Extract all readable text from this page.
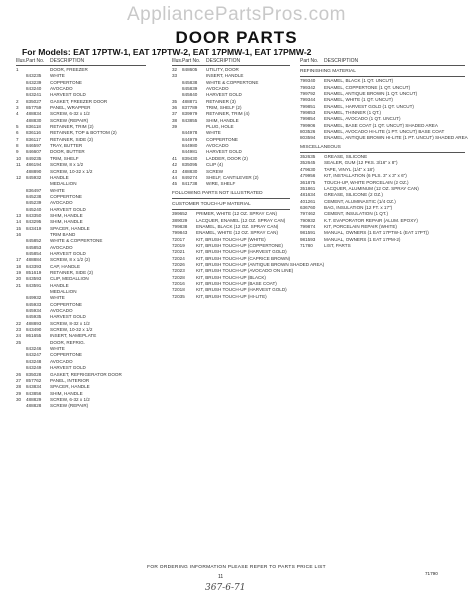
AppliancePartsPros.com
DOOR PARTS
For Models: EAT 17PTW-1, EAT 17PTW-2, EAT 17PMW-1, EAT 17PMW-2
Illus. Part No.	DESCRIPTION
1	DOOR, FREEZER
843235	WHITE
843239	COPPERTONE
843240	AVOCADO
843241	HARVEST GOLD
2	835027	GASKET, FREEZER DOOR
3	857759	PANEL, WRAPPER
4	488834	SCREW, 6-32 x 1/2
488830	SCREW (REPAIR)
5	836118	RETAINER, TRIM (2)
6	836116	RETAINER, TOP & BOTTOM (2)
7	836117	RETAINER, SIDE (2)
8	846597	TRAY, BUTTER
9	846607	DOOR, BUTTER
10	849235	TRIM, SHELF
11	486194	SCREW, 8 x 1/2
488890	SCREW, 10-32 x 1/2
12	845932	HANDLE
MEDALLION
836497	WHITE
845238	COPPERTONE
845239	AVOCADO
845240	HARVEST GOLD
13	843350	SHIM, HANDLE
14	843295	SHIM, HANDLE
15	843419	SPACER, HANDLE
16	TRIM BAND
845852	WHITE & COPPERTONE
845853	AVOCADO
845854	HARVEST GOLD
17	488884	SCREW, 8 x 1/2 (2)
18	843393	CAP, HANDLE
19	851619	RETAINER, SIDE (2)
20	843593	CLIP, MEDALLION
21	843591	HANDLE
MEDALLION
849932	WHITE
845933	COPPERTONE
845934	AVOCADO
845935	HARVEST GOLD
22	488893	SCREW, 8-32 x 1/2
23	843490	SCREW, 10-32 x 1/2
24	861655	INSERT, NAMEPLATE
25	DOOR, REFRIG.
843246	WHITE
843247	COPPERTONE
843248	AVOCADO
843249	HARVEST GOLD
26	835028	GASKET, REFRIGERATOR DOOR
27	857762	PANEL, INTERIOR
28	843834	SPACER, HANDLE
29	843856	SHIM, HANDLE
30	488829	SCREW, 6-32 x 1/2
488828	SCREW (REPAIR)
Illus. Part No.	DESCRIPTION
32	848605	UTILITY, DOOR
33	INSERT, HANDLE
845838	WHITE & COPPERTONE
845839	AVOCADO
845840	HARVEST GOLD
35	488871	RETAINER (3)
36	837789	TRIM, SHELF (2)
37	839979	RETAINER, TRIM (4)
38	843855	SHIM, HANDLE
39	PLUG, HOLE
844978	WHITE
844979	COPPERTONE
844980	AVOCADO
844981	HARVEST GOLD
41	839430	LADDER, DOOR (2)
42	835095	CLIP (4)
43	488830	SCREW
44	849274	SHELF, CANTILEVER (2)
45	841738	WIRE, SHELF
FOLLOWING PARTS NOT ILLUSTRATED
CUSTOMER TOUCH-UP MATERIAL
399652	PRIMER, WHITE (12 OZ. SPRAY CAN)
389029	LACQUER, ENAMEL (12 OZ. SPRAY CAN)
799838	ENAMEL, BLACK (12 OZ. SPRAY CAN)
799843	ENAMEL, WHITE (12 OZ. SPRAY CAN)
72017	KIT, BRUSH TOUCH-UP (WHITE)
72019	KIT, BRUSH TOUCH-UP (COPPERTONE)
72021	KIT, BRUSH TOUCH-UP (HARVEST GOLD)
72024	KIT, BRUSH TOUCH-UP (CAPRICE BROWN)
72026	KIT, BRUSH TOUCH-UP (ANTIQUE BROWN SHADED AREA)
72023	KIT, BRUSH TOUCH-UP (AVOCADO ON LINE)
72028	KIT, BRUSH TOUCH-UP (BLACK)
72016	KIT, BRUSH TOUCH-UP (BASE COAT)
72018	KIT, BRUSH TOUCH-UP (HARVEST GOLD)
72035	KIT, BRUSH TOUCH-UP (HI-LITE)
Part No.	DESCRIPTION
REFINISHING MATERIAL
799340	ENAMEL, BLACK (1 QT. UNCUT)
799342	ENAMEL, COPPERTONE (1 QT. UNCUT)
799792	ENAMEL, ANTIQUE BROWN (1 QT. UNCUT)
799344	ENAMEL, WHITE (1 QT. UNCUT)
799851	ENAMEL, HARVEST GOLD (1 QT. UNCUT)
799853	ENAMEL, THINNER (1 QT.)
799854	ENAMEL, AVOCADO (1 QT. UNCUT)
799906	ENAMEL, BASE COAT (1 QT. UNCUT) SHADED AREA
803526	ENAMEL, AVOCADO HI-LITE (1 PT. UNCUT) BASE COAT
803594	ENAMEL, ANTIQUE BROWN HI-LITE (1 PT. UNCUT) SHADED AREA
MISCELLANEOUS
352635	GREASE, SILICONE
352645	SEALER, GUM (12 PKS. 3/16" x 8")
479630	TAPE, VINYL (1/4" x 18')
479956	KIT, INSTALLATION (6 PLS. 3" x 3" x 6")
361875	TOUCH-UP, WHITE PORCELAIN (2 OZ.)
351861	LACQUER, ALUMINUM (12 OZ. SPRAY CAN)
481634	GREASE, SILICONE (2 OZ.)
401261	CEMENT, ALUMINASTIC (1/4 OZ.)
636760	BAG, INSULATION (12 FT. x 17")
797462	CEMENT, INSULATION (1 QT.)
790932	K.T. EVAPORATOR REPAIR (ALUM. EPOXY)
799874	KIT, PORCELAIN REPAIR (WHITE)
981591	MANUAL, OWNERS (1 EAT 17PTW-1 (EAT 17PT))
981593	MANUAL, OWNERS (1 EAT 17PM-2)
71780	LIST, PARTS
FOR ORDERING INFORMATION PLEASE REFER TO PARTS PRICE LIST
11
71790
367-6-71
